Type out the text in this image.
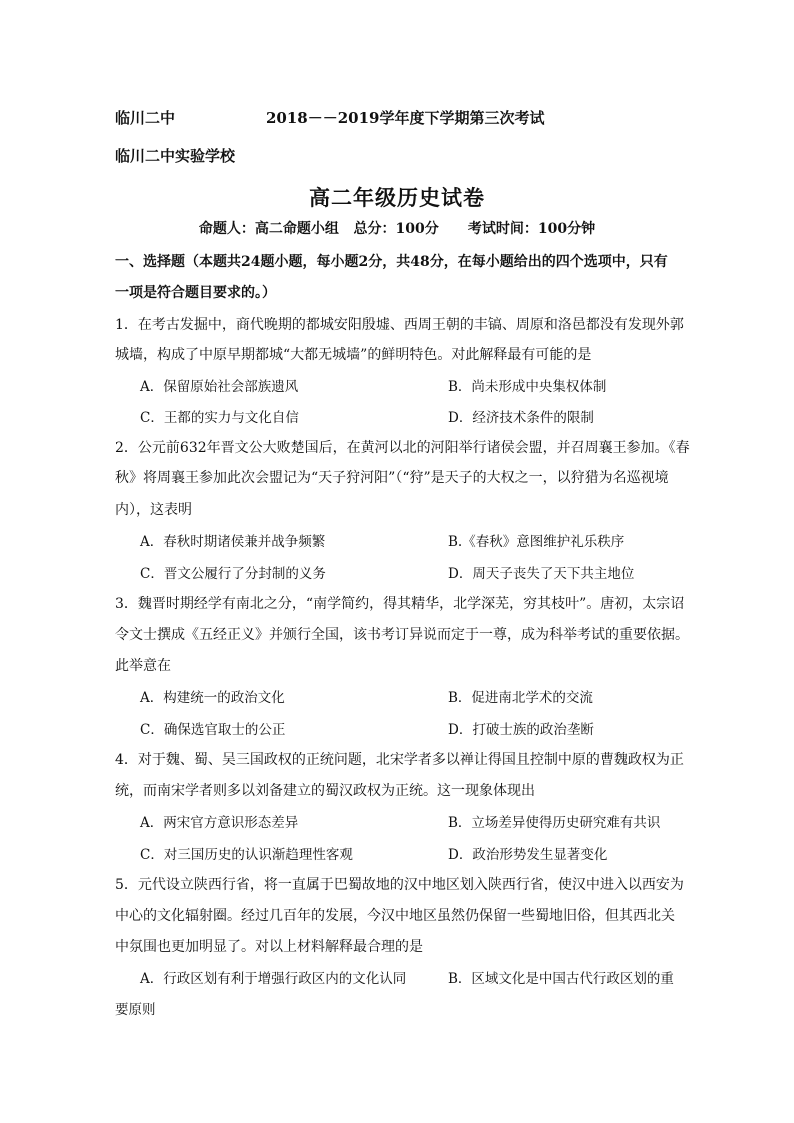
临川二中	2018－－2019学年度下学期第三次考试
临川二中实验学校
高二年级历史试卷
命题人：高二命题小组   总分：100分      考试时间：100分钟
一、选择题（本题共24题小题，每小题2分，共48分，在每小题给出的四个选项中，只有
一项是符合题目要求的。）
1．在考古发掘中，商代晚期的都城安阳殷墟、西周王朝的丰镐、周原和洛邑都没有发现外郭
城墙，构成了中原早期都城“大都无城墙”的鲜明特色。对此解释最有可能的是
A．保留原始社会部族遗风	B．尚未形成中央集权体制
C．王都的实力与文化自信	D．经济技术条件的限制
2．公元前632年晋文公大败楚国后，在黄河以北的河阳举行诸侯会盟，并召周襄王参加。《春
秋》将周襄王参加此次会盟记为“天子狩河阳”（“狩”是天子的大权之一，以狩猎为名巡视境
内），这表明
A．春秋时期诸侯兼并战争频繁	B.《春秋》意图维护礼乐秩序
C．晋文公履行了分封制的义务	D．周天子丧失了天下共主地位
3．魏晋时期经学有南北之分，“南学简约，得其精华，北学深芜，穷其枝叶”。唐初，太宗诏
令文士撰成《五经正义》并颁行全国，该书考订异说而定于一尊，成为科举考试的重要依据。
此举意在
A．构建统一的政治文化	B．促进南北学术的交流
C．确保选官取士的公正	D．打破士族的政治垄断
4．对于魏、蜀、吴三国政权的正统问题，北宋学者多以禅让得国且控制中原的曹魏政权为正
统，而南宋学者则多以刘备建立的蜀汉政权为正统。这一现象体现出
A．两宋官方意识形态差异	B．立场差异使得历史研究难有共识
C．对三国历史的认识渐趋理性客观	D．政治形势发生显著变化
5．元代设立陕西行省，将一直属于巴蜀故地的汉中地区划入陕西行省，使汉中进入以西安为
中心的文化辐射圈。经过几百年的发展，今汉中地区虽然仍保留一些蜀地旧俗，但其西北关
中氛围也更加明显了。对以上材料解释最合理的是
A．行政区划有利于增强行政区内的文化认同	B．区域文化是中国古代行政区划的重
要原则
